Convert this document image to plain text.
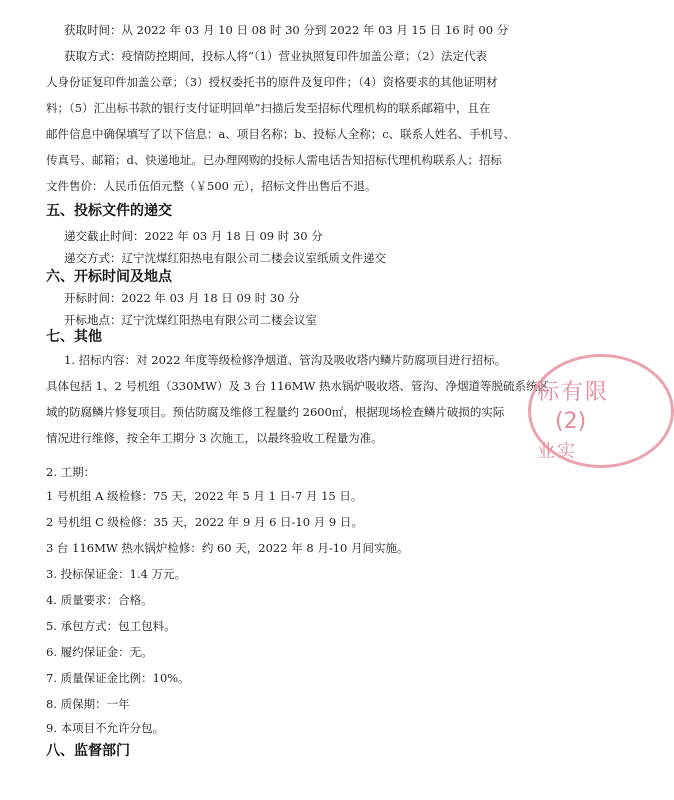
获取时间：从 2022 年 03 月 10 日 08 时 30 分到 2022 年 03 月 15 日 16 时 00 分
获取方式：疫情防控期间，投标人将“（1）营业执照复印件加盖公章；（2）法定代表
人身份证复印件加盖公章；（3）授权委托书的原件及复印件；（4）资格要求的其他证明材
料；（5）汇出标书款的银行支付证明回单”扫描后发至招标代理机构的联系邮箱中，且在
邮件信息中确保填写了以下信息：a、项目名称；b、投标人全称；c、联系人姓名、手机号、
传真号、邮箱；d、快递地址。已办理网购的投标人需电话告知招标代理机构联系人；招标
文件售价：人民币伍佰元整（￥500 元），招标文件出售后不退。
五、投标文件的递交
递交截止时间：2022 年 03 月 18 日 09 时 30 分
递交方式：辽宁沈煤红阳热电有限公司二楼会议室纸质文件递交
六、开标时间及地点
开标时间：2022 年 03 月 18 日 09 时 30 分
开标地点：辽宁沈煤红阳热电有限公司二楼会议室
七、其他
1. 招标内容：对 2022 年度等级检修净烟道、管沟及吸收塔内鳞片防腐项目进行招标。
具体包括 1、2 号机组（330MW）及 3 台 116MW 热水锅炉吸收塔、管沟、净烟道等脱硫系统区
域的防腐鳞片修复项目。预估防腐及维修工程量约 2600㎡，根据现场检查鳞片破损的实际
情况进行维修，按全年工期分 3 次施工，以最终验收工程量为准。
2. 工期：
1 号机组 A 级检修：75 天，2022 年 5 月 1 日-7 月 15 日。
2 号机组 C 级检修：35 天，2022 年 9 月 6 日-10 月 9 日。
3 台 116MW 热水锅炉检修：约 60 天，2022 年 8 月-10 月间实施。
3. 投标保证金：1.4 万元。
4. 质量要求：合格。
5. 承包方式：包工包料。
6. 履约保证金：无。
7. 质量保证金比例：10%。
8. 质保期：一年
9. 本项目不允许分包。
八、监督部门
标有限
(2)
业实
